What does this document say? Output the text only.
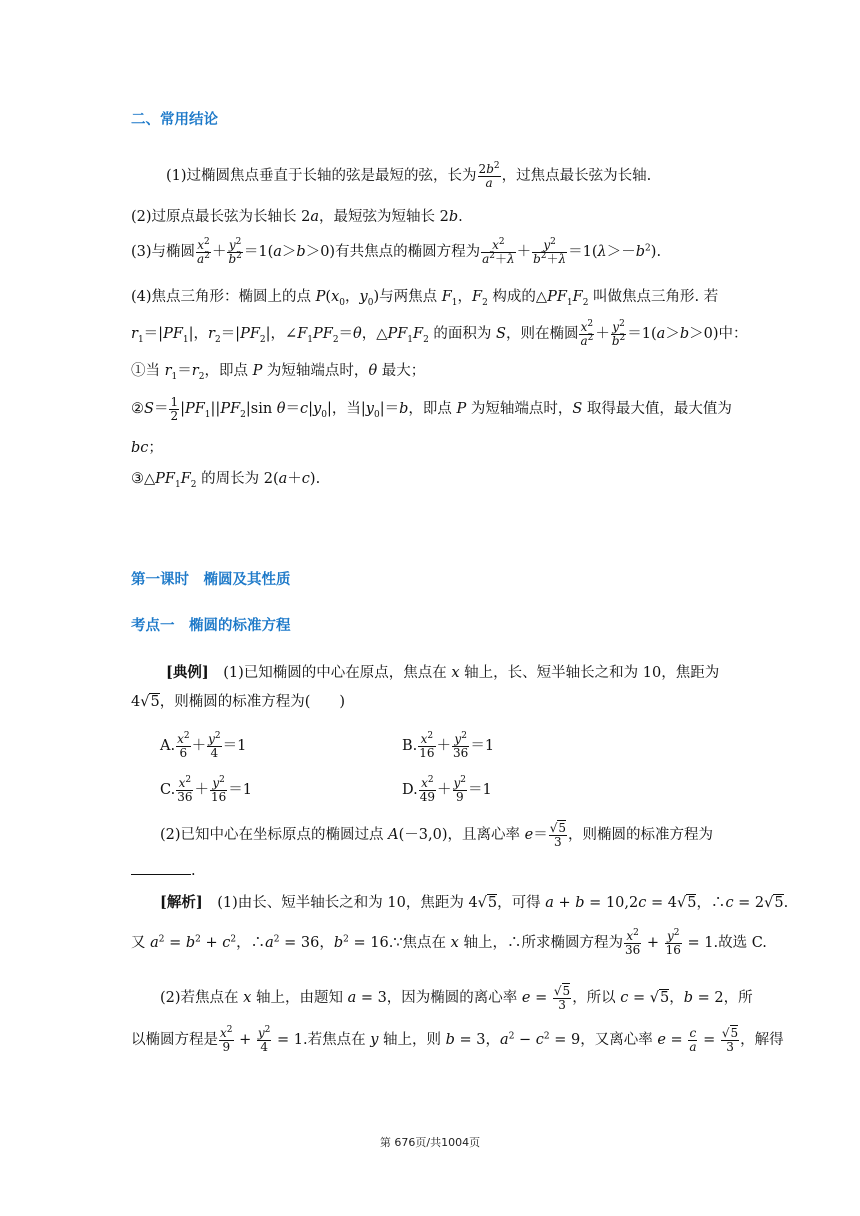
二、常用结论
(1)过椭圆焦点垂直于长轴的弦是最短的弦，长为 $\frac{2b^2}{a}$ ，过焦点最长弦为长轴.
(2)过原点最长弦为长轴长 2a，最短弦为短轴长 2b.
(3)与椭圆 $\frac{x^2}{a^2} + \frac{y^2}{b^2} =1(a>b>0)$有共焦点的椭圆方程为 $\frac{x^2}{a^2+\lambda} + \frac{y^2}{b^2+\lambda} =1(\lambda>-b^2)$.
(4)焦点三角形：椭圆上的点 $P(x_0$，$y_0$)与两焦点 $F_1$，$F_2$ 构成的$\triangle PF_1F_2$ 叫做焦点三角形. 若
$r_1=|PF_1|$，$r_2=|PF_2|$，$\angle F_1PF_2=\theta$，$\triangle PF_1F_2$ 的面积为 S，则在椭圆 $\frac{x^2}{a^2} + \frac{y^2}{b^2} =1(a>b>0)$中：
①当 $r_1=r_2$，即点 P 为短轴端点时，θ 最大；
②S＝ $\frac{1}{2} |PF_1||PF_2|\sin$ $\theta=c|y_0|$，当$|y_0|=b$，即点 P 为短轴端点时，S 取得最大值，最大值为
bc；
$③\triangle PF_1F_2$ 的周长为 2(a＋c).
第一课时　椭圆及其性质
考点一　椭圆的标准方程
[典例]　(1)已知椭圆的中心在原点，焦点在 x 轴上，长、短半轴长之和为 10，焦距为
4√5，则椭圆的标准方程为(　　)
A. $\frac{x^2}{6} + \frac{y^2}{4} =1$	B. $\frac{x^2}{16} + \frac{y^2}{36} =1$
C. $\frac{x^2}{36} + \frac{y^2}{16} =1$	D. $\frac{x^2}{49} + \frac{y^2}{9} =1$
(2)已知中心在坐标原点的椭圆过点 A(－3,0)，且离心率 $e= \frac{√5}{3}$ ，则椭圆的标准方程为
.
[解析]　(1)由长、短半轴长之和为 10，焦距为 4√5，可得 a + b = 10,2c = 4√5，∴c = 2√5.
又 $a^2 = b^2 + c^2$，$\therefore a^2 = 36$，$b^2$ = 16.∵焦点在 x 轴上，∴所求椭圆方程为 $\frac{x^2}{36} + \frac{y^2}{16} = 1$.故选 C.
(2)若焦点在 x 轴上，由题知 a = 3，因为椭圆的离心率 $e = \frac{√5}{3}$ ，所以 c = √5，b = 2，所
以椭圆方程是 $\frac{x^2}{9} + \frac{y^2}{4} = 1$.若焦点在 y 轴上，则 b = 3，$a^2 - c^2 = 9$，又离心率 $e = \frac{c}{a} = \frac{√5}{3}$ ，解得
第 676页/共1004页
